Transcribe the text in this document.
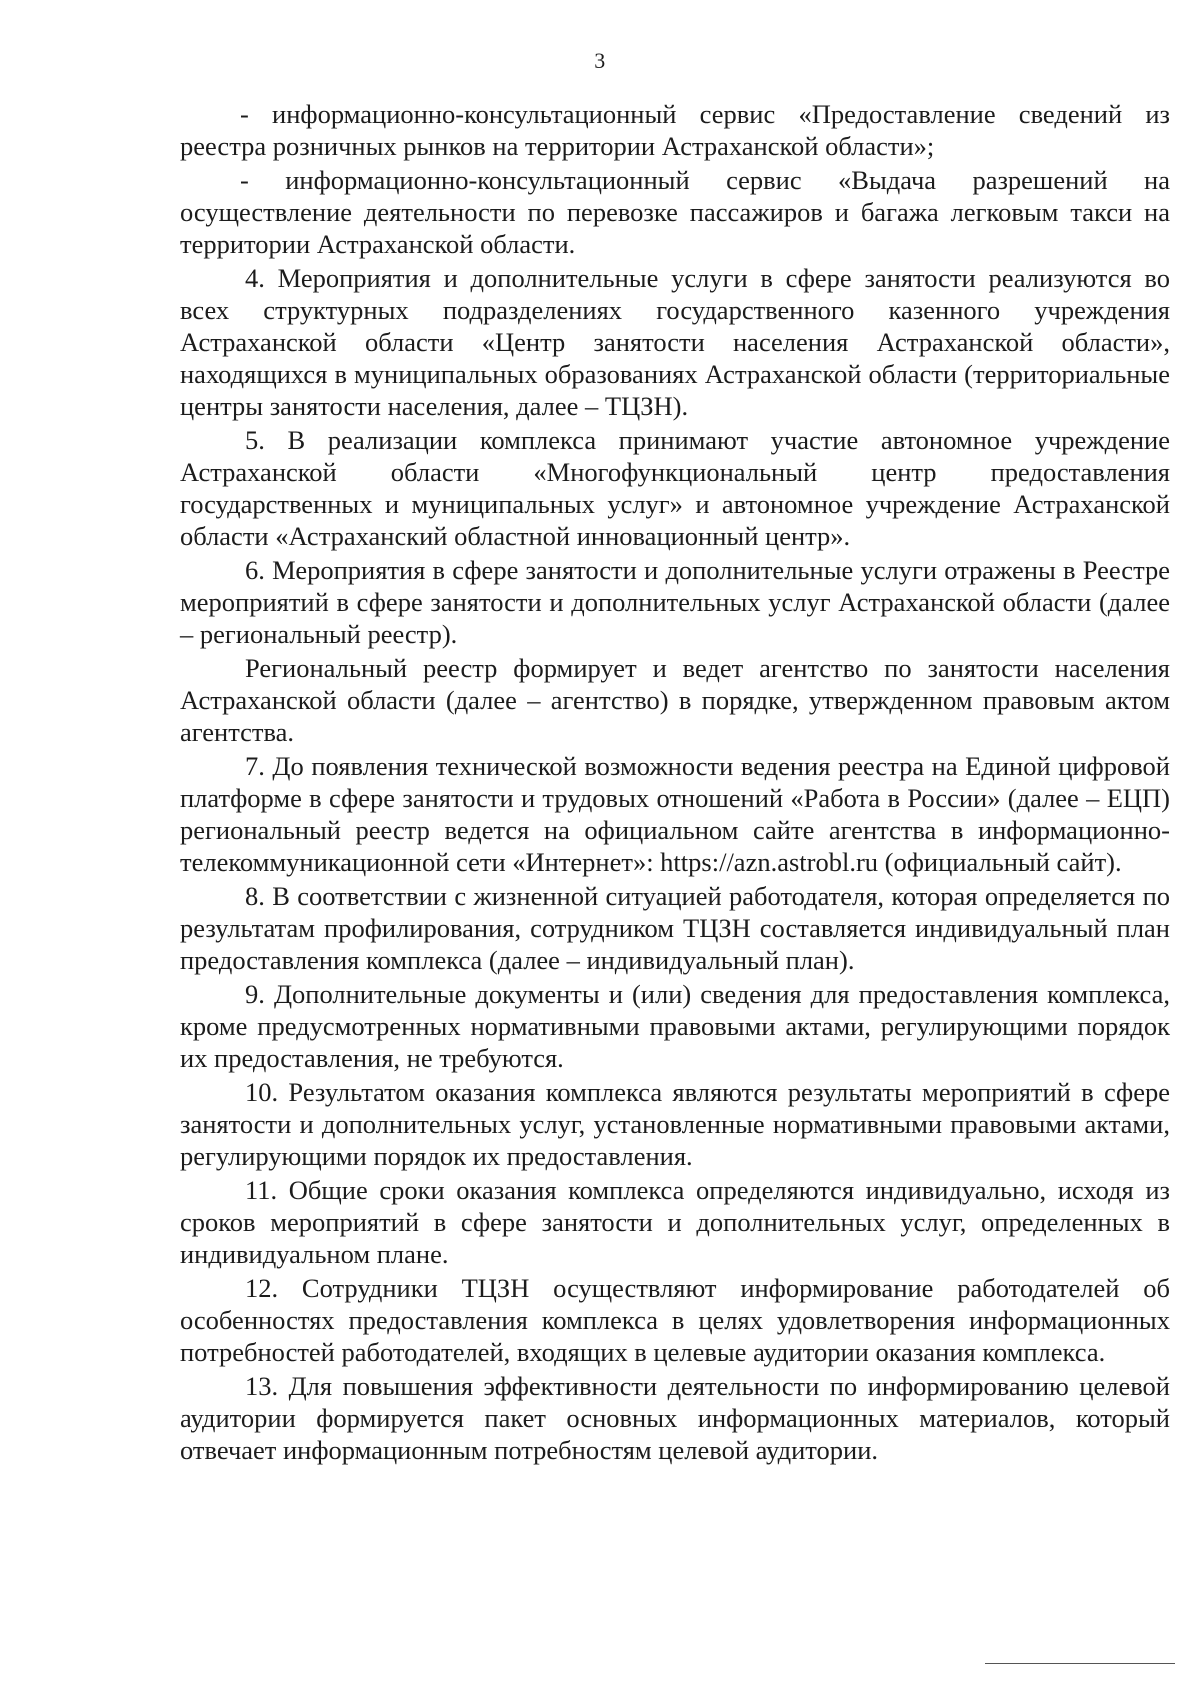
3

- информационно-консультационный сервис «Предоставление сведений из реестра розничных рынков на территории Астраханской области»;

- информационно-консультационный сервис «Выдача разрешений на осуществление деятельности по перевозке пассажиров и багажа легковым такси на территории Астраханской области.

4. Мероприятия и дополнительные услуги в сфере занятости реализуются во всех структурных подразделениях государственного казенного учреждения Астраханской области «Центр занятости населения Астраханской области», находящихся в муниципальных образованиях Астраханской области (территориальные центры занятости населения, далее – ТЦЗН).

5. В реализации комплекса принимают участие автономное учреждение Астраханской области «Многофункциональный центр предоставления государственных и муниципальных услуг» и автономное учреждение Астраханской области «Астраханский областной инновационный центр».

6. Мероприятия в сфере занятости и дополнительные услуги отражены в Реестре мероприятий в сфере занятости и дополнительных услуг Астраханской области (далее – региональный реестр).

Региональный реестр формирует и ведет агентство по занятости населения Астраханской области (далее – агентство) в порядке, утвержденном правовым актом агентства.

7. До появления технической возможности ведения реестра на Единой цифровой платформе в сфере занятости и трудовых отношений «Работа в России» (далее – ЕЦП) региональный реестр ведется на официальном сайте агентства в информационно-телекоммуникационной сети «Интернет»: https://azn.astrobl.ru (официальный сайт).

8. В соответствии с жизненной ситуацией работодателя, которая определяется по результатам профилирования, сотрудником ТЦЗН составляется индивидуальный план предоставления комплекса (далее – индивидуальный план).

9. Дополнительные документы и (или) сведения для предоставления комплекса, кроме предусмотренных нормативными правовыми актами, регулирующими порядок их предоставления, не требуются.

10. Результатом оказания комплекса являются результаты мероприятий в сфере занятости и дополнительных услуг, установленные нормативными правовыми актами, регулирующими порядок их предоставления.

11. Общие сроки оказания комплекса определяются индивидуально, исходя из сроков мероприятий в сфере занятости и дополнительных услуг, определенных в индивидуальном плане.

12. Сотрудники ТЦЗН осуществляют информирование работодателей об особенностях предоставления комплекса в целях удовлетворения информационных потребностей работодателей, входящих в целевые аудитории оказания комплекса.

13. Для повышения эффективности деятельности по информированию целевой аудитории формируется пакет основных информационных материалов, который отвечает информационным потребностям целевой аудитории.
